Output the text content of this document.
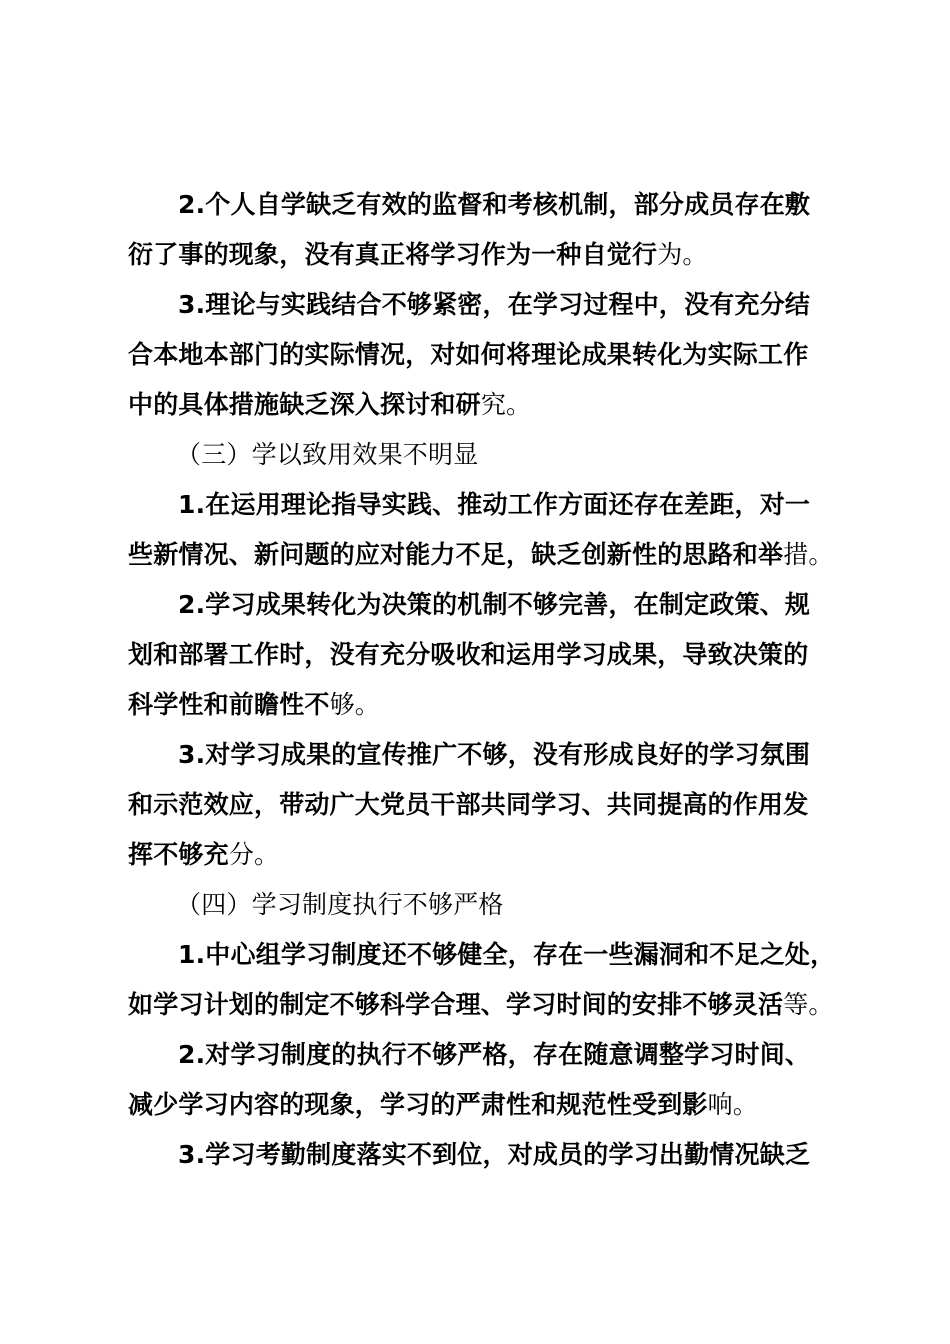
2.个人自学缺乏有效的监督和考核机制，部分成员存在敷
衍了事的现象，没有真正将学习作为一种自觉行为。
3.理论与实践结合不够紧密，在学习过程中，没有充分结
合本地本部门的实际情况，对如何将理论成果转化为实际工作
中的具体措施缺乏深入探讨和研究。
（三）学以致用效果不明显
1.在运用理论指导实践、推动工作方面还存在差距，对一
些新情况、新问题的应对能力不足，缺乏创新性的思路和举措。
2.学习成果转化为决策的机制不够完善，在制定政策、规
划和部署工作时，没有充分吸收和运用学习成果，导致决策的
科学性和前瞻性不够。
3.对学习成果的宣传推广不够，没有形成良好的学习氛围
和示范效应，带动广大党员干部共同学习、共同提高的作用发
挥不够充分。
（四）学习制度执行不够严格
1.中心组学习制度还不够健全，存在一些漏洞和不足之处，
如学习计划的制定不够科学合理、学习时间的安排不够灵活等。
2.对学习制度的执行不够严格，存在随意调整学习时间、
减少学习内容的现象，学习的严肃性和规范性受到影响。
3.学习考勤制度落实不到位，对成员的学习出勤情况缺乏
